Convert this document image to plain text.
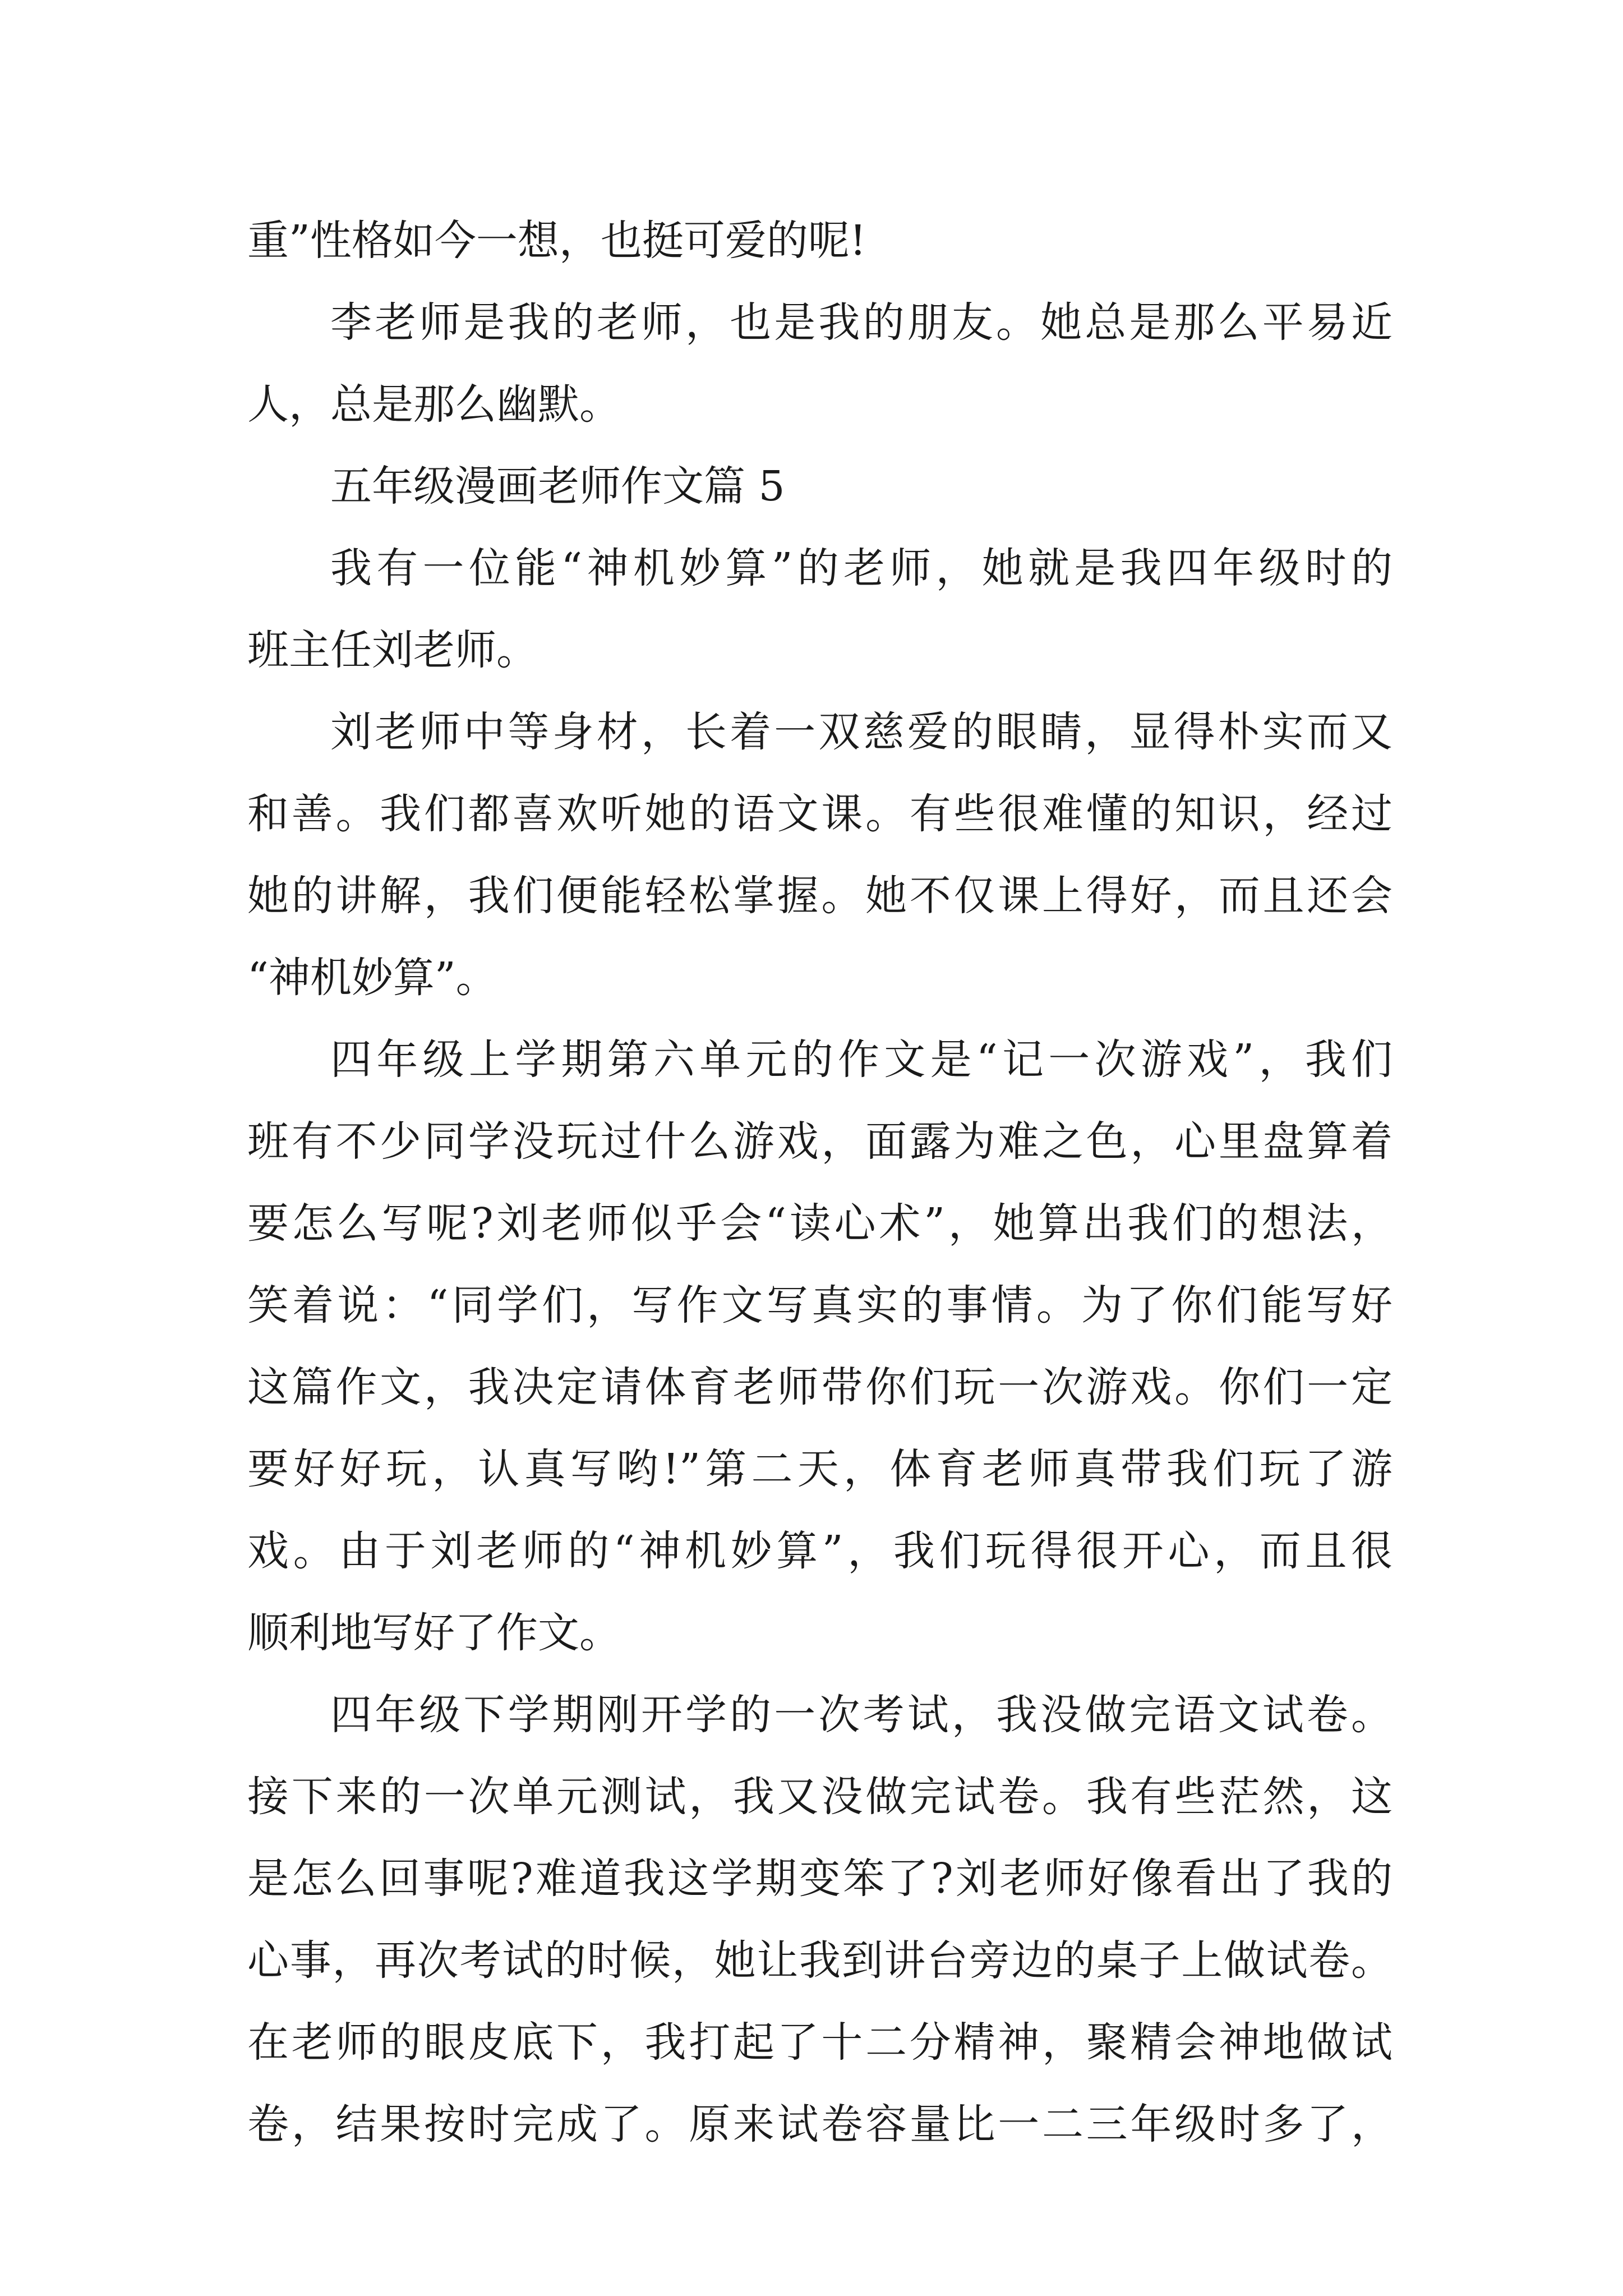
重”性格如今一想，也挺可爱的呢!
李老师是我的老师，也是我的朋友。她总是那么平易近
人，总是那么幽默。
五年级漫画老师作文篇 5
我有一位能“神机妙算”的老师，她就是我四年级时的
班主任刘老师。
刘老师中等身材，长着一双慈爱的眼睛，显得朴实而又
和善。我们都喜欢听她的语文课。有些很难懂的知识，经过
她的讲解，我们便能轻松掌握。她不仅课上得好，而且还会
“神机妙算”。
四年级上学期第六单元的作文是“记一次游戏”，我们
班有不少同学没玩过什么游戏，面露为难之色，心里盘算着
要怎么写呢?刘老师似乎会“读心术”，她算出我们的想法，
笑着说：“同学们，写作文写真实的事情。为了你们能写好
这篇作文，我决定请体育老师带你们玩一次游戏。你们一定
要好好玩，认真写哟!”第二天，体育老师真带我们玩了游
戏。由于刘老师的“神机妙算”，我们玩得很开心，而且很
顺利地写好了作文。
四年级下学期刚开学的一次考试，我没做完语文试卷。
接下来的一次单元测试，我又没做完试卷。我有些茫然，这
是怎么回事呢?难道我这学期变笨了?刘老师好像看出了我的
心事，再次考试的时候，她让我到讲台旁边的桌子上做试卷。
在老师的眼皮底下，我打起了十二分精神，聚精会神地做试
卷，结果按时完成了。原来试卷容量比一二三年级时多了，
